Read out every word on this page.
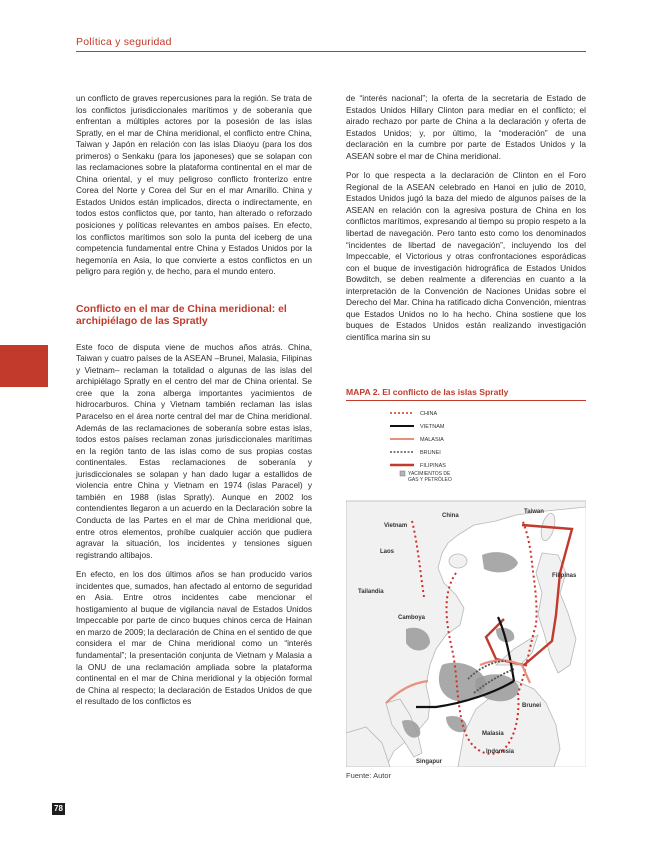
Política y seguridad

un conflicto de graves repercusiones para la región. Se trata de los conflictos jurisdiccionales marítimos y de soberanía que enfrentan a múltiples actores por la posesión de las islas Spratly, en el mar de China meridional, el conflicto entre China, Taiwan y Japón en relación con las islas Diaoyu (para los dos primeros) o Senkaku (para los japoneses) que se solapan con las reclamaciones sobre la plataforma continental en el mar de China oriental, y el muy peligroso conflicto fronterizo entre Corea del Norte y Corea del Sur en el mar Amarillo. China y Estados Unidos están implicados, directa o indirectamente, en todos estos conflictos que, por tanto, han alterado o reforzado posiciones y políticas relevantes en ambos países. En efecto, los conflictos marítimos son solo la punta del iceberg de una competencia fundamental entre China y Estados Unidos por la hegemonía en Asia, lo que convierte a estos conflictos en un peligro para región y, de hecho, para el mundo entero.

Conflicto en el mar de China meridional: el archipiélago de las Spratly

Este foco de disputa viene de muchos años atrás. China, Taiwan y cuatro países de la ASEAN –Brunei, Malasia, Filipinas y Vietnam– reclaman la totalidad o algunas de las islas del archipiélago Spratly en el centro del mar de China oriental. Se cree que la zona alberga importantes yacimientos de hidrocarburos. China y Vietnam también reclaman las islas Paracelso en el área norte central del mar de China meridional. Además de las reclamaciones de soberanía sobre estas islas, todos estos países reclaman zonas jurisdiccionales marítimas en la región tanto de las islas como de sus propias costas continentales. Estas reclamaciones de soberanía y jurisdiccionales se solapan y han dado lugar a estallidos de violencia entre China y Vietnam en 1974 (islas Paracel) y también en 1988 (islas Spratly). Aunque en 2002 los contendientes llegaron a un acuerdo en la Declaración sobre la Conducta de las Partes en el mar de China meridional que, entre otros elementos, prohíbe cualquier acción que pudiera agravar la situación, los incidentes y tensiones siguen registrando altibajos.

En efecto, en los dos últimos años se han producido varios incidentes que, sumados, han afectado al entorno de seguridad en Asia. Entre otros incidentes cabe mencionar el hostigamiento al buque de vigilancia naval de Estados Unidos Impeccable por parte de cinco buques chinos cerca de Hainan en marzo de 2009; la declaración de China en el sentido de que considera el mar de China meridional como un “interés fundamental”; la presentación conjunta de Vietnam y Malasia a la ONU de una reclamación ampliada sobre la plataforma continental en el mar de China meridional y la objeción formal de China al respecto; la declaración de Estados Unidos de que el resultado de los conflictos es

de “interés nacional”; la oferta de la secretaria de Estado de Estados Unidos Hillary Clinton para mediar en el conflicto; el airado rechazo por parte de China a la declaración y oferta de Estados Unidos; y, por último, la “moderación” de una declaración en la cumbre por parte de Estados Unidos y la ASEAN sobre el mar de China meridional.

Por lo que respecta a la declaración de Clinton en el Foro Regional de la ASEAN celebrado en Hanoi en julio de 2010, Estados Unidos jugó la baza del miedo de algunos países de la ASEAN en relación con la agresiva postura de China en los conflictos marítimos, expresando al tiempo su propio respeto a la libertad de navegación. Pero tanto esto como los denominados “incidentes de libertad de navegación”, incluyendo los del Impeccable, el Victorious y otras confrontaciones esporádicas con el buque de investigación hidrográfica de Estados Unidos Bowditch, se deben realmente a diferencias en cuanto a la interpretación de la Convención de Naciones Unidas sobre el Derecho del Mar. China ha ratificado dicha Convención, mientras que Estados Unidos no lo ha hecho. China sostiene que los buques de Estados Unidos están realizando investigación científica marina sin su

MAPA 2. El conflicto de las islas Spratly
CHINA
VIETNAM
MALASIA
BRUNEI
FILIPINAS
YACIMIENTOS DE GAS Y PETRÓLEO
Vietnam
China
Taiwan
Laos
Tailandia
Camboya
Filipinas
Brunei
Malasia
Indonesia
Singapur
Fuente: Autor
78
